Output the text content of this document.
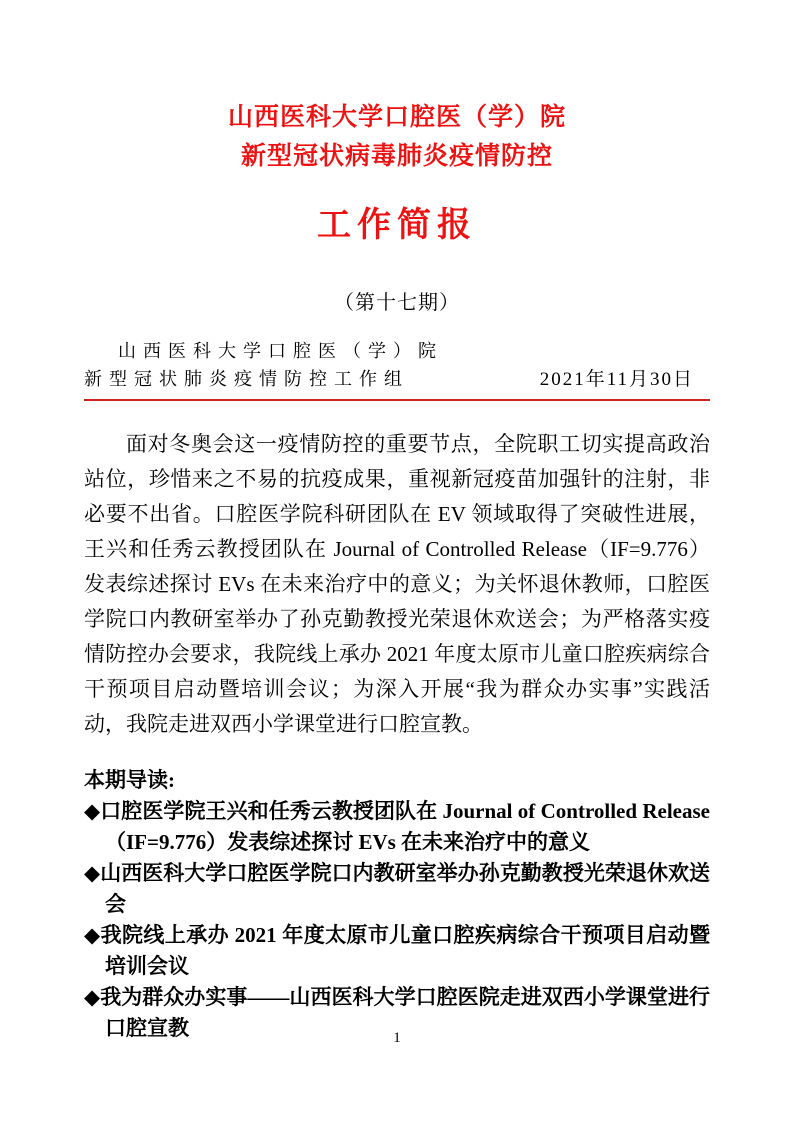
山西医科大学口腔医（学）院
新型冠状病毒肺炎疫情防控
工作简报
（第十七期）
山西医科大学口腔医（学）院
新型冠状肺炎疫情防控工作组	2021年11月30日
面对冬奥会这一疫情防控的重要节点，全院职工切实提高政治站位，珍惜来之不易的抗疫成果，重视新冠疫苗加强针的注射，非必要不出省。口腔医学院科研团队在 EV 领域取得了突破性进展，王兴和任秀云教授团队在 Journal of Controlled Release（IF=9.776）发表综述探讨 EVs 在未来治疗中的意义；为关怀退休教师，口腔医学院口内教研室举办了孙克勤教授光荣退休欢送会；为严格落实疫情防控办会要求，我院线上承办 2021 年度太原市儿童口腔疾病综合干预项目启动暨培训会议；为深入开展“我为群众办实事”实践活动，我院走进双西小学课堂进行口腔宣教。
本期导读:
◆口腔医学院王兴和任秀云教授团队在 Journal of Controlled Release（IF=9.776）发表综述探讨 EVs 在未来治疗中的意义
◆山西医科大学口腔医学院口内教研室举办孙克勤教授光荣退休欢送会
◆我院线上承办 2021 年度太原市儿童口腔疾病综合干预项目启动暨培训会议
◆我为群众办实事——山西医科大学口腔医院走进双西小学课堂进行口腔宣教	1
